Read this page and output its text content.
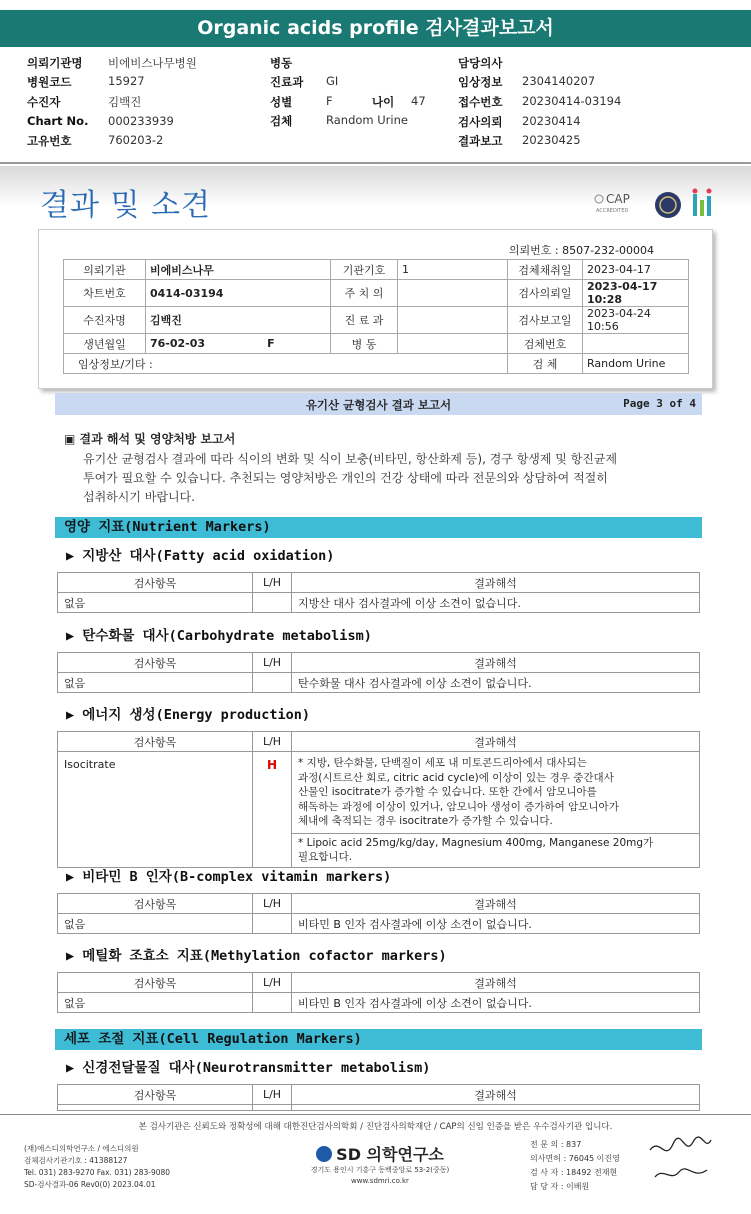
Organic acids profile 검사결과보고서
의뢰기관명 비에비스나무병원
병원코드	15927
수진자	김백진
Chart No. 000233939
고유번호	760203-2
병동
진료과 GI
성별	F	나이 47
검체	Random Urine
담당의사
임상정보 2304140207
접수번호 20230414-03194
검사의뢰 20230414
결과보고 20230425
결과 및 소견	CAP
ACCREDITED
의뢰번호 : 8507-232-00004
의뢰기관	비에비스나무	기관기호	1	검체채취일	2023-04-17
차트번호	0414-03194	주 치 의		검사의뢰일	2023-04-17 10:28
수진자명	김백진	진 료 과		검사보고일	2023-04-24 10:56
생년월일	76-02-03 F	병 동		검체번호	
임상정보/기타 :				검 체	Random Urine
유기산 균형검사 결과 보고서	Page 3 of 4
▣ 결과 해석 및 영양처방 보고서
유기산 균형검사 결과에 따라 식이의 변화 및 식이 보충(비타민, 항산화제 등), 경구 항생제 및 항진균제
투여가 필요할 수 있습니다. 추천되는 영양처방은 개인의 건강 상태에 따라 전문의와 상담하여 적절히
섭취하시기 바랍니다.
영양 지표(Nutrient Markers)
▶ 지방산 대사(Fatty acid oxidation)
검사항목	L/H	결과해석
없음		지방산 대사 검사결과에 이상 소견이 없습니다.
▶ 탄수화물 대사(Carbohydrate metabolism)
검사항목	L/H	결과해석
없음		탄수화물 대사 검사결과에 이상 소견이 없습니다.
▶ 에너지 생성(Energy production)
검사항목	L/H	결과해석
Isocitrate	H	* 지방, 탄수화물, 단백질이 세포 내 미토콘드리아에서 대사되는
과정(시트르산 회로, citric acid cycle)에 이상이 있는 경우 중간대사
산물인 isocitrate가 증가할 수 있습니다. 또한 간에서 암모니아를
해독하는 과정에 이상이 있거나, 암모니아 생성이 증가하여 암모니아가
체내에 축적되는 경우 isocitrate가 증가할 수 있습니다.

		* Lipoic acid 25mg/kg/day, Magnesium 400mg, Manganese 20mg가
필요합니다.
▶ 비타민 B 인자(B-complex vitamin markers)
검사항목	L/H	결과해석
없음		비타민 B 인자 검사결과에 이상 소견이 없습니다.
▶ 메틸화 조효소 지표(Methylation cofactor markers)
검사항목	L/H	결과해석
없음		비타민 B 인자 검사결과에 이상 소견이 없습니다.
세포 조절 지표(Cell Regulation Markers)
▶ 신경전달물질 대사(Neurotransmitter metabolism)
검사항목	L/H	결과해석

본 검사기관은 신뢰도와 정확성에 대해 대한진단검사의학회 / 진단검사의학재단 / CAP의 신임 인증을 받은 우수검사기관 입니다.
(재)에스디의학연구소 / 에스디의원
검체검사기관기호 : 41388127
Tel. 031) 283-9270 Fax. 031) 283-9080
SD-검사결과-06 Rev0(0) 2023.04.01
SD 의학연구소
경기도 용인시 기흥구 동백중앙로 53-2(중동)
www.sdmri.co.kr
전 문 의 : 837
의사면허 : 76045 이진영
검 사 자 : 18492 전재현
담 당 자 : 이배원
